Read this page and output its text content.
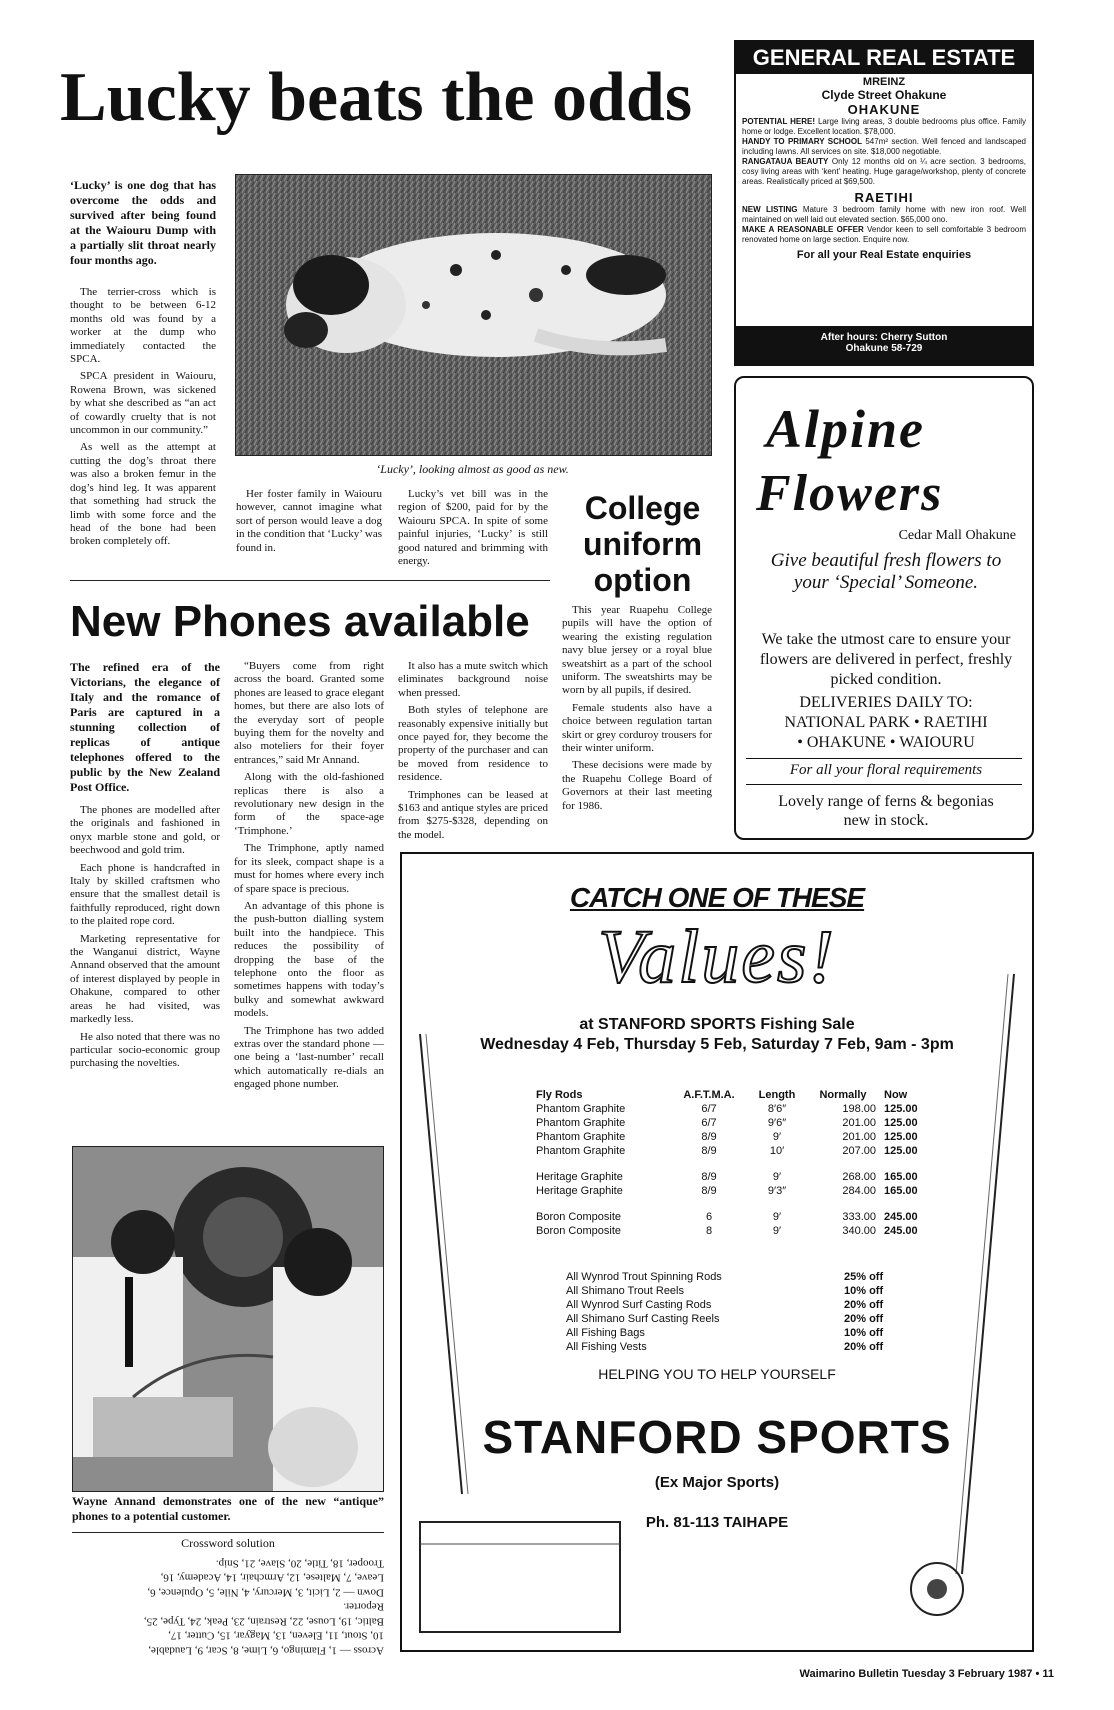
Lucky beats the odds
‘Lucky’ is one dog that has overcome the odds and survived after being found at the Waiouru Dump with a partially slit throat nearly four months ago.

The terrier-cross which is thought to be between 6-12 months old was found by a worker at the dump who immediately contacted the SPCA.

SPCA president in Waiouru, Rowena Brown, was sickened by what she described as “an act of cowardly cruelty that is not uncommon in our community.”

As well as the attempt at cutting the dog’s throat there was also a broken femur in the dog’s hind leg. It was apparent that something had struck the limb with some force and the head of the bone had been broken completely off.

‘Lucky’, looking almost as good as new.
Her foster family in Waiouru however, cannot imagine what sort of person would leave a dog in the condition that ‘Lucky’ was found in.
Lucky’s vet bill was in the region of $200, paid for by the Waiouru SPCA. In spite of some painful injuries, ‘Lucky’ is still good natured and brimming with energy.
College
uniform
option

This year Ruapehu College pupils will have the option of wearing the existing regulation navy blue jersey or a royal blue sweatshirt as a part of the school uniform. The sweatshirts may be worn by all pupils, if desired.

Female students also have a choice between regulation tartan skirt or grey corduroy trousers for their winter uniform.

These decisions were made by the Ruapehu College Board of Governors at their last meeting for 1986.

New Phones available
The refined era of the Victorians, the elegance of Italy and the romance of Paris are captured in a stunning collection of replicas of antique telephones offered to the public by the New Zealand Post Office.

The phones are modelled after the originals and fashioned in onyx marble stone and gold, or beechwood and gold trim.

Each phone is handcrafted in Italy by skilled craftsmen who ensure that the smallest detail is faithfully reproduced, right down to the plaited rope cord.

Marketing representative for the Wanganui district, Wayne Annand observed that the amount of interest displayed by people in Ohakune, compared to other areas he had visited, was markedly less.

He also noted that there was no particular socio-economic group purchasing the novelties.

“Buyers come from right across the board. Granted some phones are leased to grace elegant homes, but there are also lots of the everyday sort of people buying them for the novelty and also moteliers for their foyer entrances,” said Mr Annand.

Along with the old-fashioned replicas there is also a revolutionary new design in the form of the space-age ‘Trimphone.’

The Trimphone, aptly named for its sleek, compact shape is a must for homes where every inch of spare space is precious.

An advantage of this phone is the push-button dialling system built into the handpiece. This reduces the possibility of dropping the base of the telephone onto the floor as sometimes happens with today’s bulky and somewhat awkward models.

The Trimphone has two added extras over the standard phone — one being a ‘last-number’ recall which automatically re-dials an engaged phone number.

It also has a mute switch which eliminates background noise when pressed.

Both styles of telephone are reasonably expensive initially but once payed for, they become the property of the purchaser and can be moved from residence to residence.

Trimphones can be leased at $163 and antique styles are priced from $275-$328, depending on the model.

Wayne Annand demonstrates one of the new “antique” phones to a potential customer.
Crossword solution
Across — 1, Flamingo, 6, Lime, 8, Scar, 9, Laudable,
10, Stout, 11, Eleven, 13, Magyar, 15, Cutter, 17,
Baltic, 19, Louse, 22, Restrain, 23, Peak, 24, Type, 25,
Reporter.
Down — 2, Licit, 3, Mercury, 4, Nile, 5, Opulence, 6,
Leave, 7, Maltese, 12, Armchair, 14, Academy, 16,
Trooper, 18, Title, 20, Slave, 21, Snip.
GENERAL REAL ESTATE
MREINZ
Clyde Street Ohakune
OHAKUNE
POTENTIAL HERE! Large living areas, 3 double bedrooms plus office. Family home or lodge. Excellent location. $78,000.
HANDY TO PRIMARY SCHOOL 547m² section. Well fenced and landscaped including lawns. All services on site. $18,000 negotiable.
RANGATAUA BEAUTY Only 12 months old on ¼ acre section. 3 bedrooms, cosy living areas with ‘kent’ heating. Huge garage/workshop, plenty of concrete areas. Realistically priced at $69,500.
RAETIHI
NEW LISTING Mature 3 bedroom family home with new iron roof. Well maintained on well laid out elevated section. $65,000 ono.
MAKE A REASONABLE OFFER Vendor keen to sell comfortable 3 bedroom renovated home on large section. Enquire now.
For all your Real Estate enquiries
After hours: Cherry Sutton
Ohakune 58-729
Alpine
Flowers
Cedar Mall Ohakune
Give beautiful fresh flowers to your ‘Special’ Someone.
We take the utmost care to ensure your flowers are delivered in perfect, freshly picked condition.
DELIVERIES DAILY TO:
NATIONAL PARK • RAETIHI
• OHAKUNE • WAIOURU
For all your floral requirements
Lovely range of ferns & begonias new in stock.
CATCH ONE OF THESE
Values!
at STANFORD SPORTS Fishing Sale
Wednesday 4 Feb, Thursday 5 Feb, Saturday 7 Feb, 9am - 3pm
Fly Rods	A.F.T.M.A.	Length	Normally	Now
Phantom Graphite	6/7	8′6″	198.00	125.00
Phantom Graphite	6/7	9′6″	201.00	125.00
Phantom Graphite	8/9	9′	201.00	125.00
Phantom Graphite	8/9	10′	207.00	125.00

Heritage Graphite	8/9	9′	268.00	165.00
Heritage Graphite	8/9	9′3″	284.00	165.00

Boron Composite	6	9′	333.00	245.00
Boron Composite	8	9′	340.00	245.00
All Wynrod Trout Spinning Rods	25% off
All Shimano Trout Reels	10% off
All Wynrod Surf Casting Rods	20% off
All Shimano Surf Casting Reels	20% off
All Fishing Bags	10% off
All Fishing Vests	20% off
HELPING YOU TO HELP YOURSELF
STANFORD SPORTS
(Ex Major Sports)
Ph. 81-113 TAIHAPE
Waimarino Bulletin Tuesday 3 February 1987 • 11
